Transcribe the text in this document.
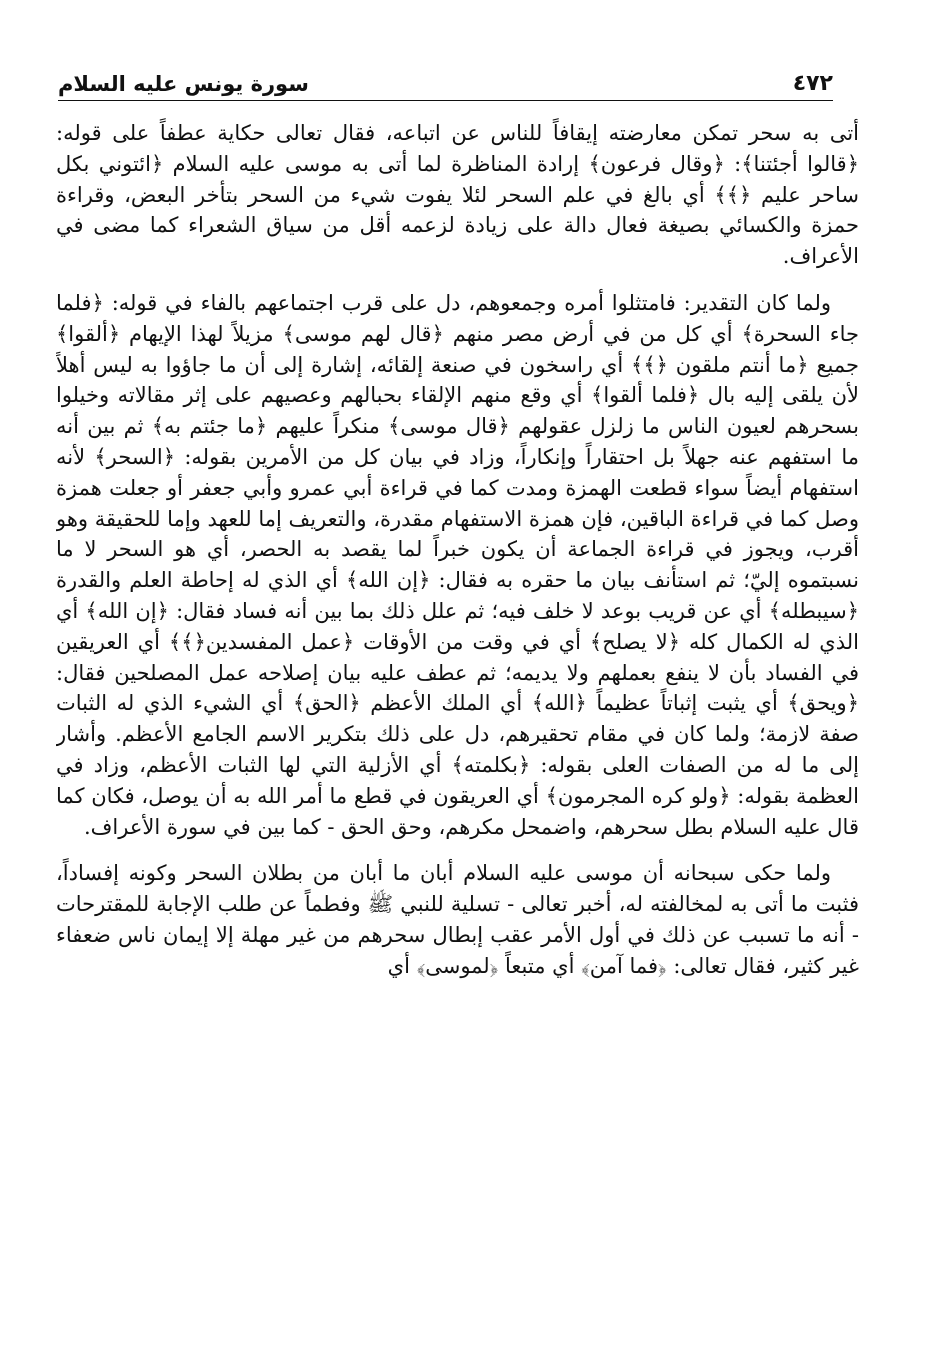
٤٧٢
سورة يونس عليه السلام

أتى به سحر تمكن معارضته إيقافاً للناس عن اتباعه، فقال تعالى حكاية عطفاً على قوله: ﴿قالوا أجئتنا﴾: ﴿وقال فرعون﴾ إرادة المناظرة لما أتى به موسى عليه السلام ﴿ائتوني بكل ساحر عليم ﴿﴾﴾ أي بالغ في علم السحر لئلا يفوت شيء من السحر بتأخر البعض، وقراءة حمزة والكسائي بصيغة فعال دالة على زيادة لزعمه أقل من سياق الشعراء كما مضى في الأعراف.

ولما كان التقدير: فامتثلوا أمره وجمعوهم، دل على قرب اجتماعهم بالفاء في قوله: ﴿فلما جاء السحرة﴾ أي كل من في أرض مصر منهم ﴿قال لهم موسى﴾ مزيلاً لهذا الإيهام ﴿ألقوا﴾ جميع ﴿ما أنتم ملقون ﴿﴾﴾ أي راسخون في صنعة إلقائه، إشارة إلى أن ما جاؤوا به ليس أهلاً لأن يلقى إليه بال ﴿فلما ألقوا﴾ أي وقع منهم الإلقاء بحبالهم وعصيهم على إثر مقالاته وخيلوا بسحرهم لعيون الناس ما زلزل عقولهم ﴿قال موسى﴾ منكراً عليهم ﴿ما جئتم به﴾ ثم بين أنه ما استفهم عنه جهلاً بل احتقاراً وإنكاراً، وزاد في بيان كل من الأمرين بقوله: ﴿السحر﴾ لأنه استفهام أيضاً سواء قطعت الهمزة ومدت كما في قراءة أبي عمرو وأبي جعفر أو جعلت همزة وصل كما في قراءة الباقين، فإن همزة الاستفهام مقدرة، والتعريف إما للعهد وإما للحقيقة وهو أقرب، ويجوز في قراءة الجماعة أن يكون خبراً لما يقصد به الحصر، أي هو السحر لا ما نسبتموه إليّ؛ ثم استأنف بيان ما حقره به فقال: ﴿إن الله﴾ أي الذي له إحاطة العلم والقدرة ﴿سيبطله﴾ أي عن قريب بوعد لا خلف فيه؛ ثم علل ذلك بما بين أنه فساد فقال: ﴿إن الله﴾ أي الذي له الكمال كله ﴿لا يصلح﴾ أي في وقت من الأوقات ﴿عمل المفسدين﴿﴾﴾ أي العريقين في الفساد بأن لا ينفع بعملهم ولا يديمه؛ ثم عطف عليه بيان إصلاحه عمل المصلحين فقال: ﴿ويحق﴾ أي يثبت إثباتاً عظيماً ﴿الله﴾ أي الملك الأعظم ﴿الحق﴾ أي الشيء الذي له الثبات صفة لازمة؛ ولما كان في مقام تحقيرهم، دل على ذلك بتكرير الاسم الجامع الأعظم. وأشار إلى ما له من الصفات العلى بقوله: ﴿بكلمته﴾ أي الأزلية التي لها الثبات الأعظم، وزاد في العظمة بقوله: ﴿ولو كره المجرمون﴾ أي العريقون في قطع ما أمر الله به أن يوصل، فكان كما قال عليه السلام بطل سحرهم، واضمحل مكرهم، وحق الحق - كما بين في سورة الأعراف.

ولما حكى سبحانه أن موسى عليه السلام أبان ما أبان من بطلان السحر وكونه إفساداً، فثبت ما أتى به لمخالفته له، أخبر تعالى - تسلية للنبي ﷺ وفطماً عن طلب الإجابة للمقترحات - أنه ما تسبب عن ذلك في أول الأمر عقب إبطال سحرهم من غير مهلة إلا إيمان ناس ضعفاء غير كثير، فقال تعالى: ﴿فما آمن﴾ أي متبعاً ﴿لموسى﴾ أي
